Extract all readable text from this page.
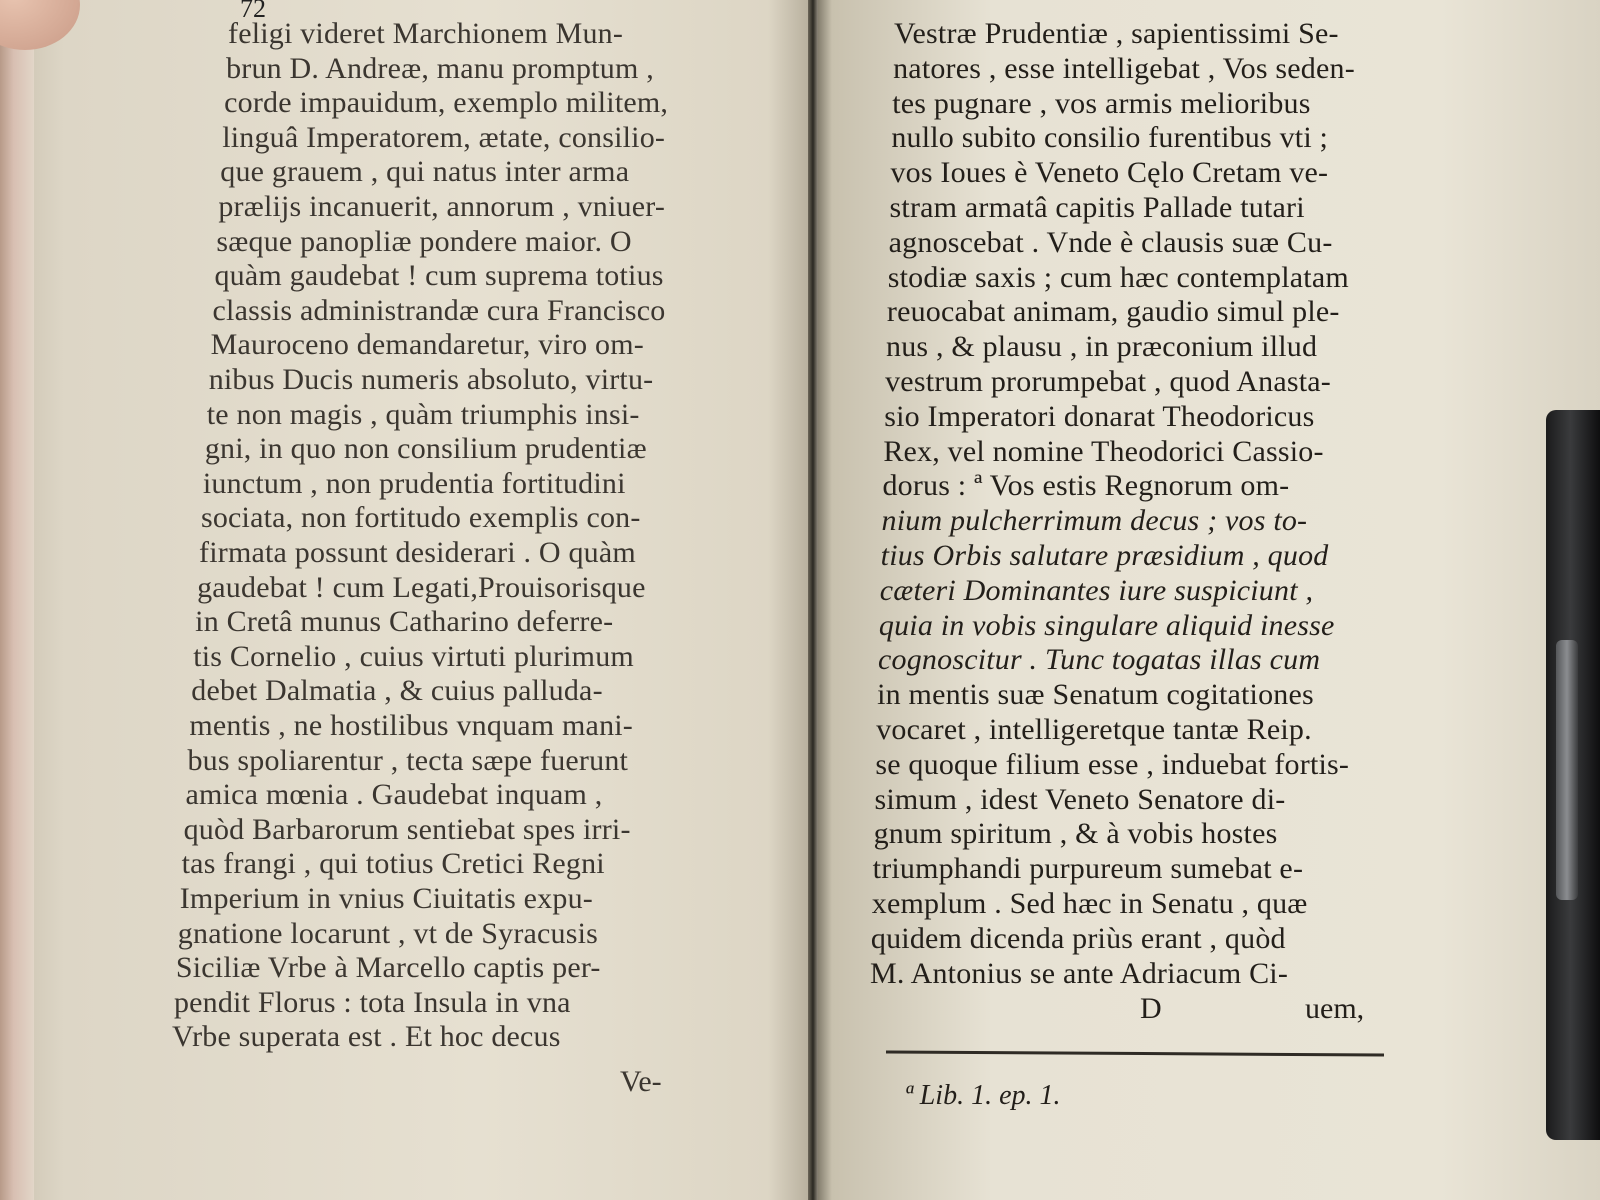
72
feligi videret Marchionem Mun-
brun D. Andreæ, manu promptum ,
corde impauidum, exemplo militem,
linguâ Imperatorem, ætate, consilio-
que grauem , qui natus inter arma
prælijs incanuerit, annorum , vniuer-
sæque panopliæ pondere maior. O
quàm gaudebat ! cum suprema totius
classis administrandæ cura Francisco
Mauroceno demandaretur, viro om-
nibus Ducis numeris absoluto, virtu-
te non magis , quàm triumphis insi-
gni, in quo non consilium prudentiæ
iunctum , non prudentia fortitudini
sociata, non fortitudo exemplis con-
firmata possunt desiderari . O quàm
gaudebat ! cum Legati,Prouisorisque
in Cretâ munus Catharino deferre-
tis Cornelio , cuius virtuti plurimum
debet Dalmatia , & cuius palluda-
mentis , ne hostilibus vnquam mani-
bus spoliarentur , tecta sæpe fuerunt
amica mœnia . Gaudebat inquam ,
quòd Barbarorum sentiebat spes irri-
tas frangi , qui totius Cretici Regni
Imperium in vnius Ciuitatis expu-
gnatione locarunt , vt de Syracusis
Siciliæ Vrbe à Marcello captis per-
pendit Florus : tota Insula in vna
Vrbe superata est . Et hoc decus
Vestræ Prudentiæ , sapientissimi Se-
natores , esse intelligebat , Vos seden-
tes pugnare , vos armis melioribus
nullo subito consilio furentibus vti ;
vos Ioues è Veneto Cęlo Cretam ve-
stram armatâ capitis Pallade tutari
agnoscebat . Vnde è clausis suæ Cu-
stodiæ saxis ; cum hæc contemplatam
reuocabat animam, gaudio simul ple-
nus , & plausu , in præconium illud
vestrum prorumpebat , quod Anasta-
sio Imperatori donarat Theodoricus
Rex, vel nomine Theodorici Cassio-
dorus : ª Vos estis Regnorum om-
nium pulcherrimum decus ; vos to-
tius Orbis salutare præsidium , quod
cæteri Dominantes iure suspiciunt ,
quia in vobis singulare aliquid inesse
cognoscitur . Tunc togatas illas cum
in mentis suæ Senatum cogitationes
vocaret , intelligeretque tantæ Reip.
se quoque filium esse , induebat fortis-
simum , idest Veneto Senatore di-
gnum spiritum , & à vobis hostes
triumphandi purpureum sumebat e-
xemplum . Sed hæc in Senatu , quæ
quidem dicenda priùs erant , quòd
M. Antonius se ante Adriacum Ci-
Ve-
D	uem,
ª Lib. 1. ep. 1.
